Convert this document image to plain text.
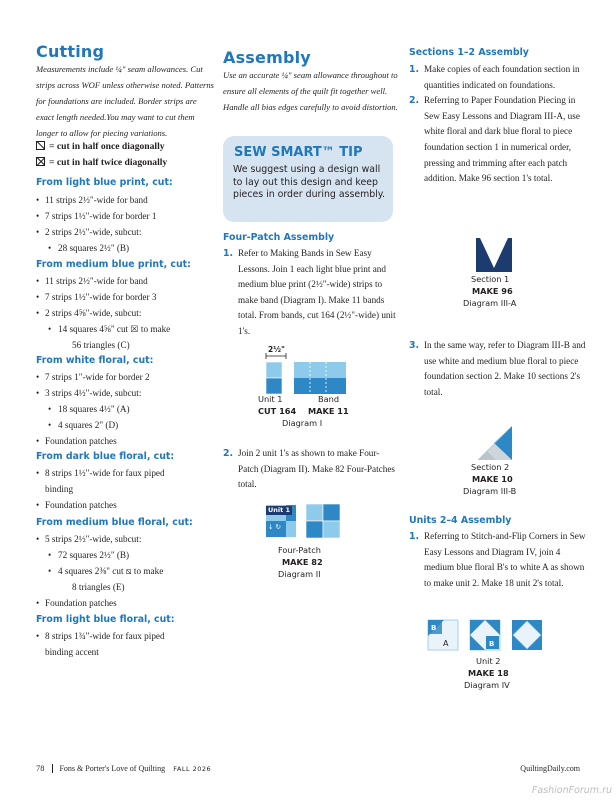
Cutting

Measurements include ¼" seam allowances. Cut strips across WOF unless otherwise noted. Patterns for foundations are included. Border strips are exact length needed.You may want to cut them longer to allow for piecing variations.

= cut in half once diagonally
= cut in half twice diagonally
From light blue print, cut:
• 11 strips 2½"-wide for band
• 7 strips 1½"-wide for border 1
• 2 strips 2½"-wide, subcut:
• 28 squares 2½" (B)
From medium blue print, cut:
• 11 strips 2½"-wide for band
• 7 strips 1½"-wide for border 3
• 2 strips 4⅝"-wide, subcut:
• 14 squares 4⅝" cut ☒ to make
56 triangles (C)
From white floral, cut:
• 7 strips 1"-wide for border 2
• 3 strips 4½"-wide, subcut:
• 18 squares 4½" (A)
• 4 squares 2" (D)
• Foundation patches
From dark blue floral, cut:
• 8 strips 1½"-wide for faux piped
binding
• Foundation patches
From medium blue floral, cut:
• 5 strips 2½"-wide, subcut:
• 72 squares 2½" (B)
• 4 squares 2⅜" cut ⧅ to make
8 triangles (E)
• Foundation patches
From light blue floral, cut:
• 8 strips 1¾"-wide for faux piped
binding accent
Assembly

Use an accurate ¼" seam allowance throughout to ensure all elements of the quilt fit together well. Handle all bias edges carefully to avoid distortion.

SEW SMART™ TIP

We suggest using a design wall to lay out this design and keep pieces in order during assembly.

Four-Patch Assembly
1. Refer to Making Bands in Sew Easy Lessons. Join 1 each light blue print and medium blue print (2½"-wide) strips to make band (Diagram I). Make 11 bands total. From bands, cut 164 (2½"-wide) unit 1's.
2½"
Unit 1
CUT 164
Band
MAKE 11
Diagram I
2. Join 2 unit 1's as shown to make Four-Patch (Diagram II). Make 82 Four-Patches total.
Unit 1
↓ ↻
Four-Patch
MAKE 82
Diagram II
Sections 1–2 Assembly
1. Make copies of each foundation section in quantities indicated on foundations.
2. Referring to Paper Foundation Piecing in Sew Easy Lessons and Diagram III-A, use white floral and dark blue floral to piece foundation section 1 in numerical order, pressing and trimming after each patch addition. Make 96 section 1's total.
Section 1
MAKE 96
Diagram III-A
3. In the same way, refer to Diagram III-B and use white and medium blue floral to piece foundation section 2. Make 10 sections 2's total.
Section 2
MAKE 10
Diagram III-B
Units 2–4 Assembly
1. Referring to Stitch-and-Flip Corners in Sew Easy Lessons and Diagram IV, join 4 medium blue floral B's to white A as shown to make unit 2. Make 18 unit 2's total.
B
A	B
Unit 2
MAKE 18
Diagram IV
78 Fons & Porter's Love of Quilting FALL 2026	QuiltingDaily.com
FashionForum.ru
